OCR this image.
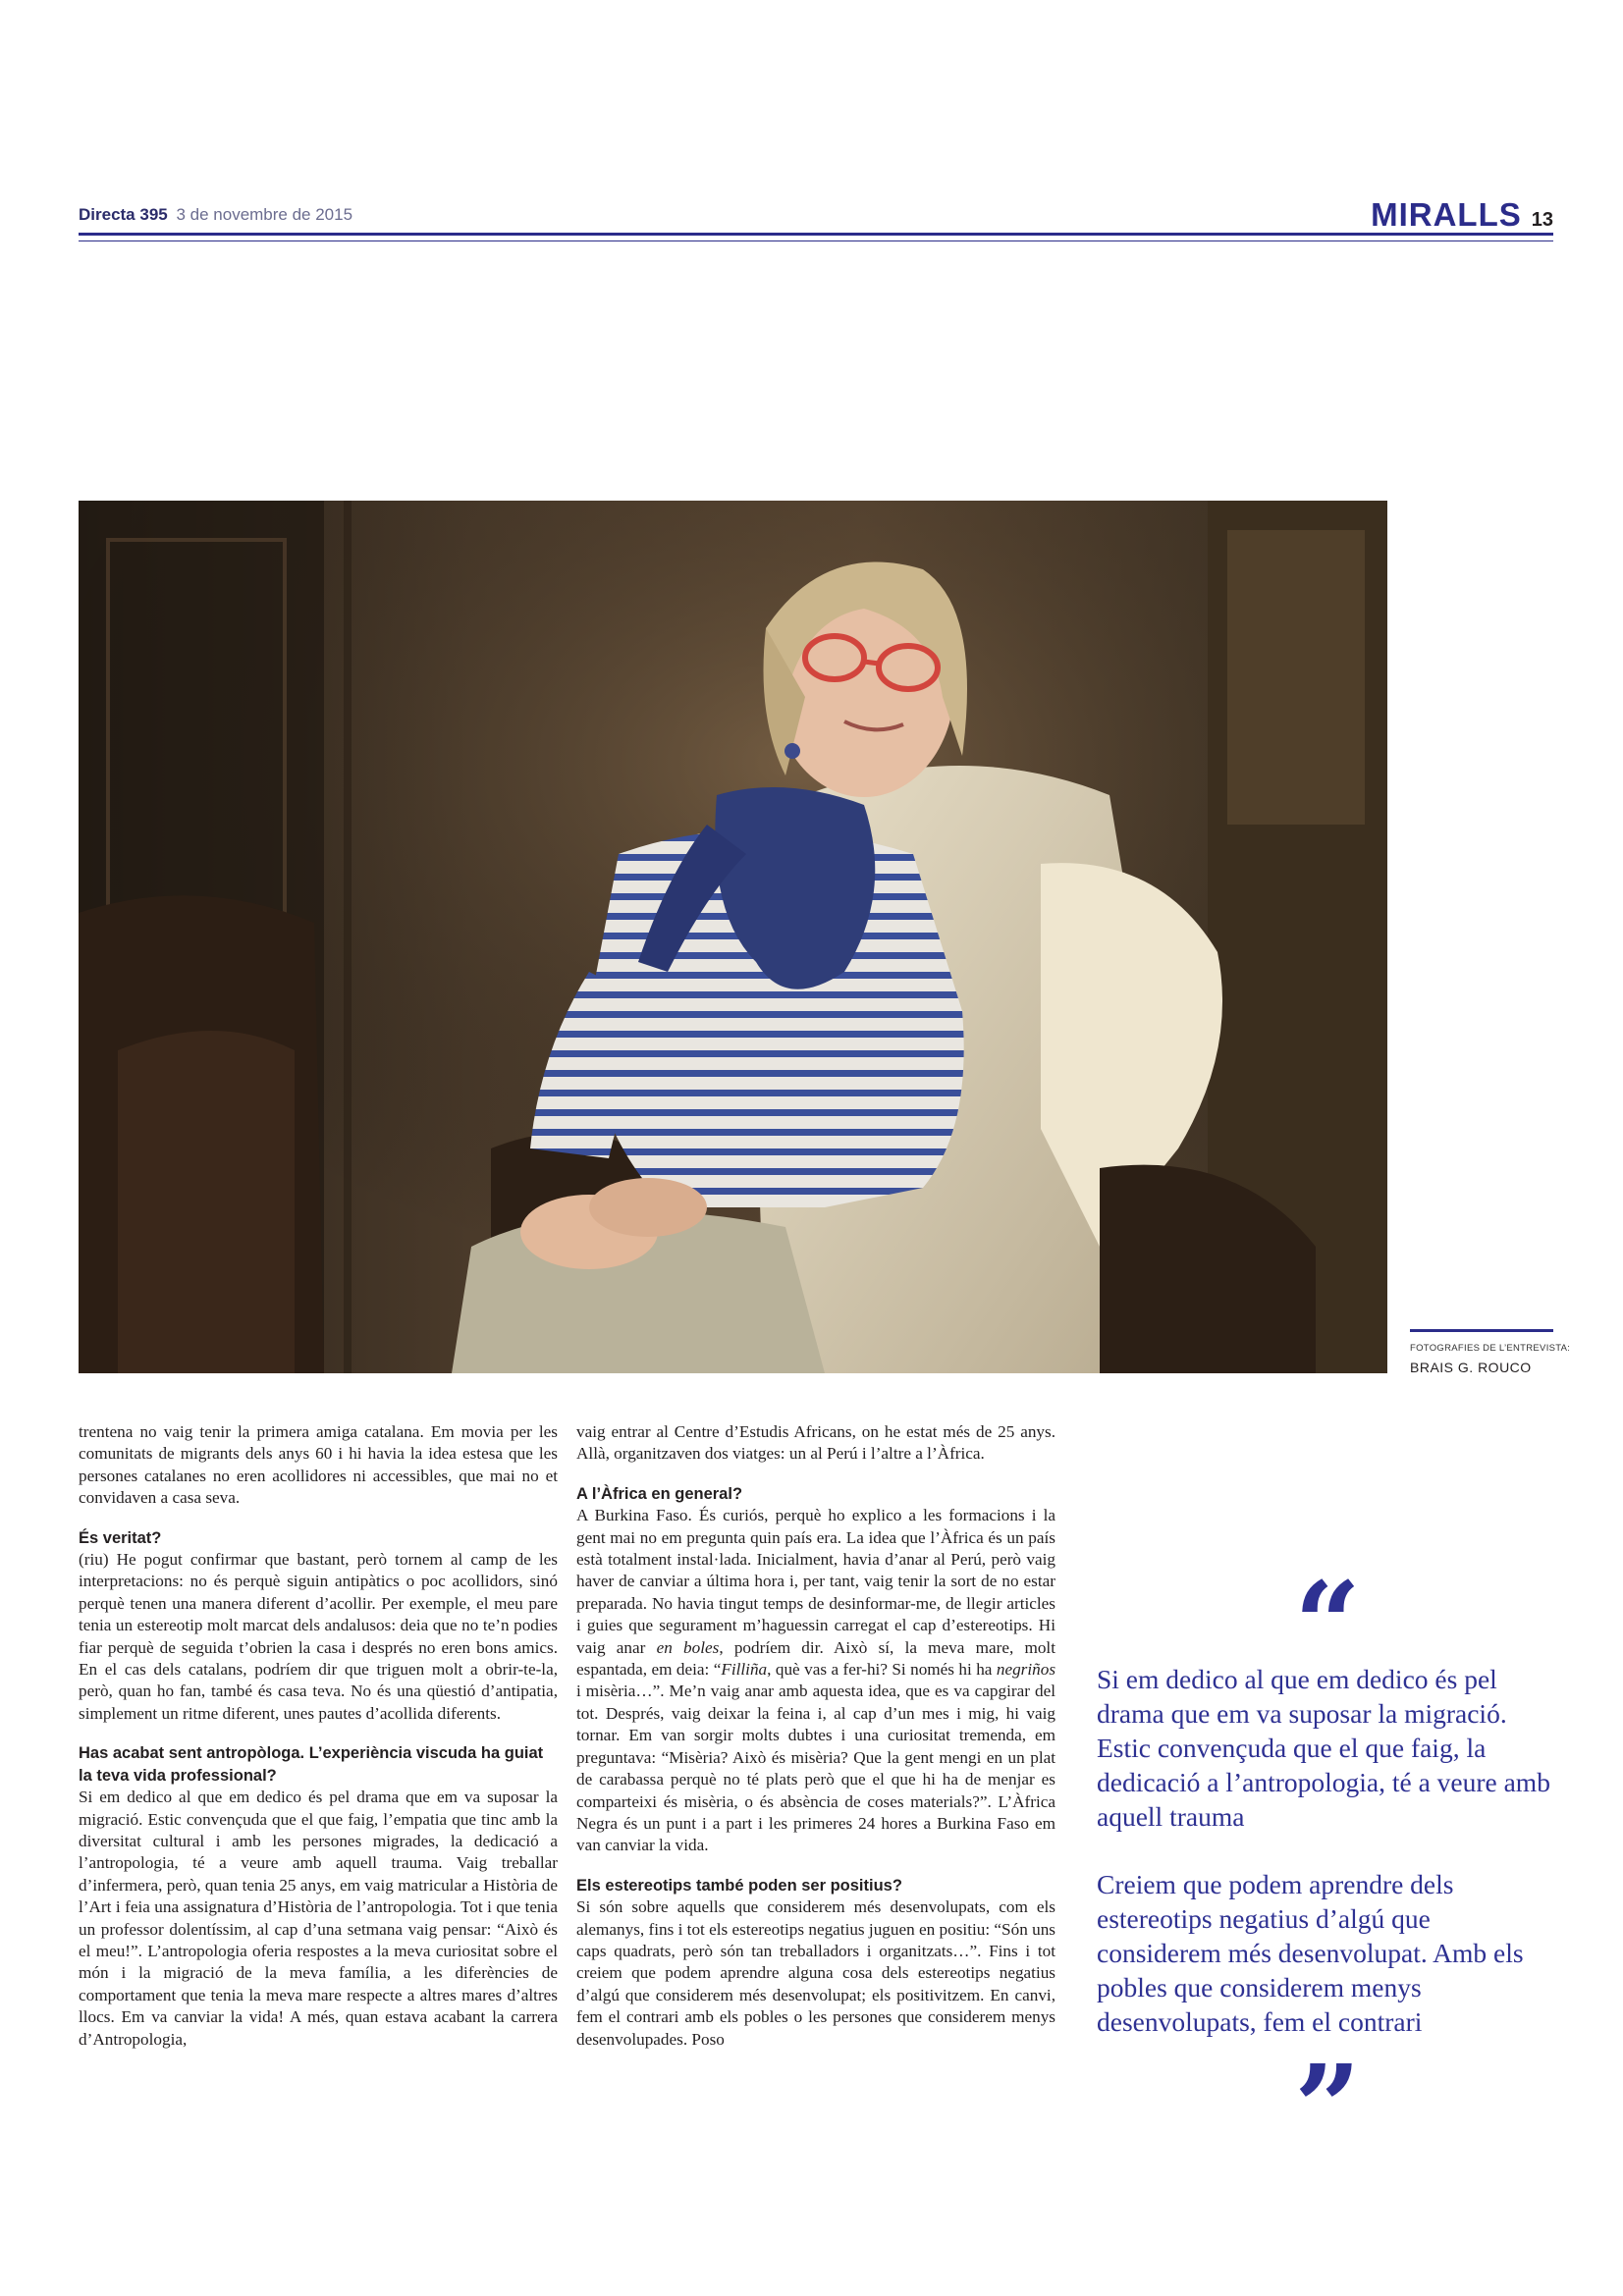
Directa 395 3 de novembre de 2015	MIRALLS 13
FOTOGRAFIES DE L’ENTREVISTA:
BRAIS G. ROUCO

trentena no vaig tenir la primera amiga catalana. Em movia per les comunitats de migrants dels anys 60 i hi havia la idea estesa que les persones catalanes no eren acollidores ni accessibles, que mai no et convidaven a casa seva.

És veritat?

(riu) He pogut confirmar que bastant, però tornem al camp de les interpretacions: no és perquè siguin antipàtics o poc acollidors, sinó perquè tenen una manera diferent d’acollir. Per exemple, el meu pare tenia un estereotip molt marcat dels andalusos: deia que no te’n podies fiar perquè de seguida t’obrien la casa i després no eren bons amics. En el cas dels catalans, podríem dir que triguen molt a obrir-te-la, però, quan ho fan, també és casa teva. No és una qüestió d’antipatia, simplement un ritme diferent, unes pautes d’acollida diferents.

Has acabat sent antropòloga. L’experiència viscuda ha guiat la teva vida professional?

Si em dedico al que em dedico és pel drama que em va suposar la migració. Estic convençuda que el que faig, l’empatia que tinc amb la diversitat cultural i amb les persones migrades, la dedicació a l’antropologia, té a veure amb aquell trauma. Vaig treballar d’infermera, però, quan tenia 25 anys, em vaig matricular a Història de l’Art i feia una assignatura d’Història de l’antropologia. Tot i que tenia un professor dolentíssim, al cap d’una setmana vaig pensar: “Això és el meu!”. L’antropologia oferia respostes a la meva curiositat sobre el món i la migració de la meva família, a les diferències de comportament que tenia la meva mare respecte a altres mares d’altres llocs. Em va canviar la vida! A més, quan estava acabant la carrera d’Antropologia,

vaig entrar al Centre d’Estudis Africans, on he estat més de 25 anys. Allà, organitzaven dos viatges: un al Perú i l’altre a l’Àfrica.

A l’Àfrica en general?

A Burkina Faso. És curiós, perquè ho explico a les formacions i la gent mai no em pregunta quin país era. La idea que l’Àfrica és un país està totalment instal·lada. Inicialment, havia d’anar al Perú, però vaig haver de canviar a última hora i, per tant, vaig tenir la sort de no estar preparada. No havia tingut temps de desinformar-me, de llegir articles i guies que segurament m’haguessin carregat el cap d’estereotips. Hi vaig anar en boles, podríem dir. Això sí, la meva mare, molt espantada, em deia: “Filliña, què vas a fer-hi? Si només hi ha negriños i misèria…”. Me’n vaig anar amb aquesta idea, que es va capgirar del tot. Després, vaig deixar la feina i, al cap d’un mes i mig, hi vaig tornar. Em van sorgir molts dubtes i una curiositat tremenda, em preguntava: “Misèria? Això és misèria? Que la gent mengi en un plat de carabassa perquè no té plats però que el que hi ha de menjar es comparteixi és misèria, o és absència de coses materials?”. L’Àfrica Negra és un punt i a part i les primeres 24 hores a Burkina Faso em van canviar la vida.

Els estereotips també poden ser positius?

Si són sobre aquells que considerem més desenvolupats, com els alemanys, fins i tot els estereotips negatius juguen en positiu: “Són uns caps quadrats, però són tan treballadors i organitzats…”. Fins i tot creiem que podem aprendre alguna cosa dels estereotips negatius d’algú que considerem més desenvolupat; els positivitzem. En canvi, fem el contrari amb els pobles o les persones que considerem menys desenvolupades. Poso

“

Si em dedico al que em dedico és pel drama que em va suposar la migració. Estic convençuda que el que faig, la dedicació a l’antropologia, té a veure amb aquell trauma

Creiem que podem aprendre dels estereotips negatius d’algú que considerem més desenvolupat. Amb els pobles que considerem menys desenvolupats, fem el contrari

”
